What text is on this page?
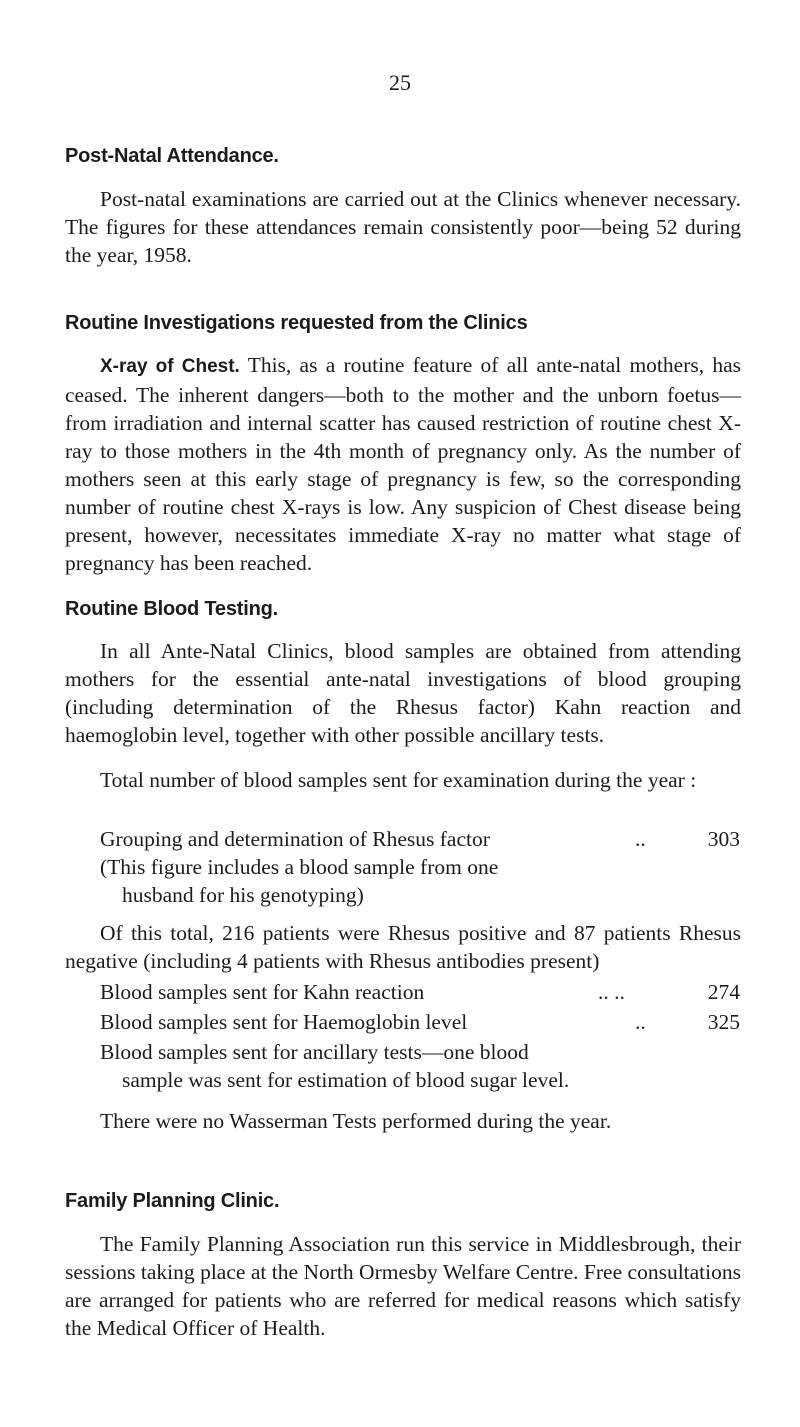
25
Post-Natal Attendance.
Post-natal examinations are carried out at the Clinics whenever necessary. The figures for these attendances remain consistently poor—being 52 during the year, 1958.
Routine Investigations requested from the Clinics
X-ray of Chest. This, as a routine feature of all ante-natal mothers, has ceased. The inherent dangers—both to the mother and the unborn foetus—from irradiation and internal scatter has caused restriction of routine chest X-ray to those mothers in the 4th month of pregnancy only. As the number of mothers seen at this early stage of pregnancy is few, so the corresponding number of routine chest X-rays is low. Any suspicion of Chest disease being present, however, necessitates immediate X-ray no matter what stage of pregnancy has been reached.
Routine Blood Testing.
In all Ante-Natal Clinics, blood samples are obtained from attending mothers for the essential ante-natal investigations of blood grouping (including determination of the Rhesus factor) Kahn reaction and haemoglobin level, together with other possible ancillary tests.
Total number of blood samples sent for examination during the year :
Grouping and determination of Rhesus factor	..	303
(This figure includes a blood sample from one
husband for his genotyping)
Of this total, 216 patients were Rhesus positive and 87 patients Rhesus negative (including 4 patients with Rhesus antibodies present)
Blood samples sent for Kahn reaction	.. ..	274
Blood samples sent for Haemoglobin level	..	325
Blood samples sent for ancillary tests—one blood
sample was sent for estimation of blood sugar level.
There were no Wasserman Tests performed during the year.
Family Planning Clinic.
The Family Planning Association run this service in Middlesbrough, their sessions taking place at the North Ormesby Welfare Centre. Free consultations are arranged for patients who are referred for medical reasons which satisfy the Medical Officer of Health.
